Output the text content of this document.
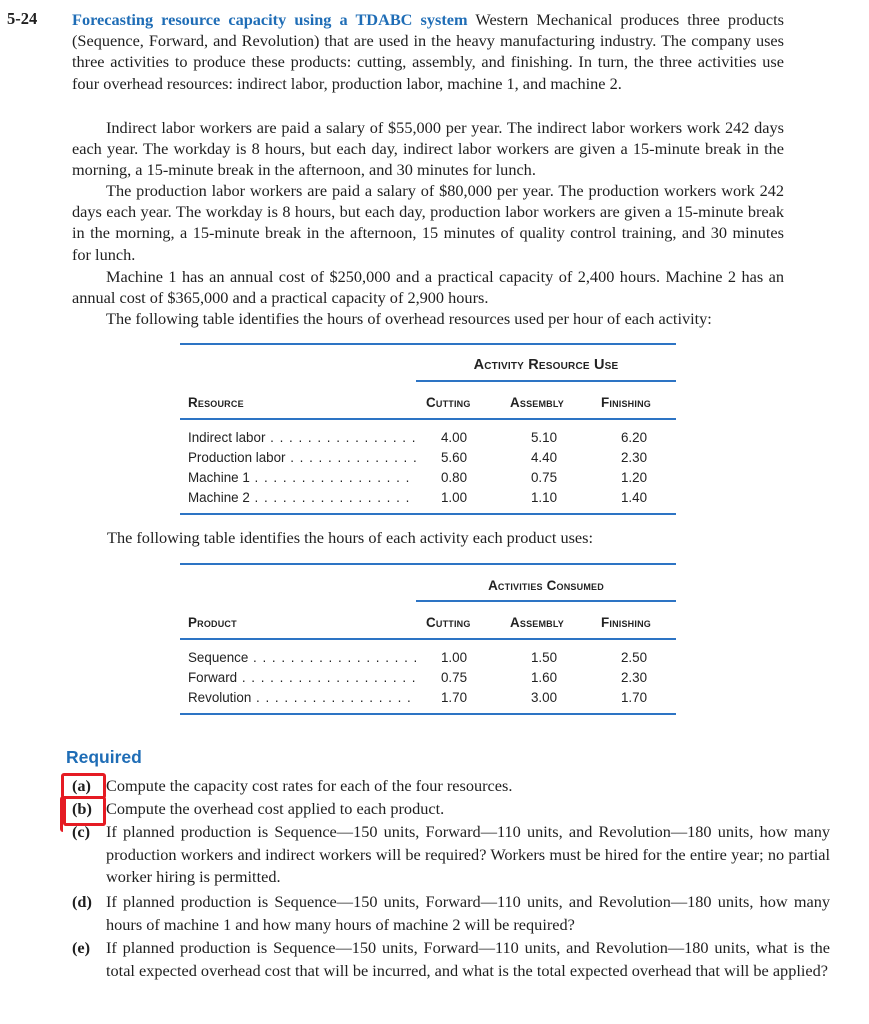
5-24 Forecasting resource capacity using a TDABC system Western Mechanical produces three products (Sequence, Forward, and Revolution) that are used in the heavy manufacturing industry. The company uses three activities to produce these products: cutting, assembly, and finishing. In turn, the three activities use four overhead resources: indirect labor, production labor, machine 1, and machine 2.

Indirect labor workers are paid a salary of $55,000 per year. The indirect labor workers work 242 days each year. The workday is 8 hours, but each day, indirect labor workers are given a 15-minute break in the morning, a 15-minute break in the afternoon, and 30 minutes for lunch.

The production labor workers are paid a salary of $80,000 per year. The production workers work 242 days each year. The workday is 8 hours, but each day, production labor workers are given a 15-minute break in the morning, a 15-minute break in the afternoon, 15 minutes of quality control training, and 30 minutes for lunch.

Machine 1 has an annual cost of $250,000 and a practical capacity of 2,400 hours. Machine 2 has an annual cost of $365,000 and a practical capacity of 2,900 hours.

The following table identifies the hours of overhead resources used per hour of each activity:

Activity Resource Use
Resource	Cutting	Assembly	Finishing
Indirect labor . . .	4.00	5.10	6.20
Production labor . . .	5.60	4.40	2.30
Machine 1 . . .	0.80	0.75	1.20
Machine 2 . . .	1.00	1.10	1.40
The following table identifies the hours of each activity each product uses:
Activities Consumed
Product	Cutting	Assembly	Finishing
Sequence . . .	1.00	1.50	2.50
Forward . . .	0.75	1.60	2.30
Revolution . . .	1.70	3.00	1.70
Required
(a) Compute the capacity cost rates for each of the four resources.
(b) Compute the overhead cost applied to each product.
(c) If planned production is Sequence—150 units, Forward—110 units, and Revolution—180 units, how many production workers and indirect workers will be required? Workers must be hired for the entire year; no partial worker hiring is permitted.
(d) If planned production is Sequence—150 units, Forward—110 units, and Revolution—180 units, how many hours of machine 1 and how many hours of machine 2 will be required?
(e) If planned production is Sequence—150 units, Forward—110 units, and Revolution—180 units, what is the total expected overhead cost that will be incurred, and what is the total expected overhead that will be applied?
